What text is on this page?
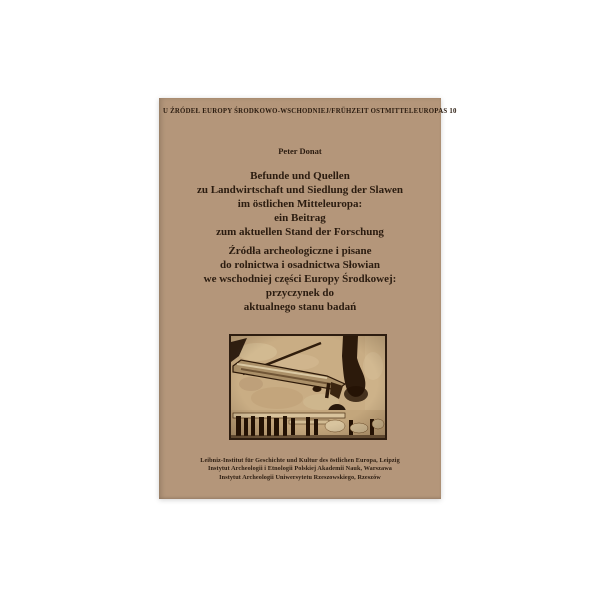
U ŹRÓDEŁ EUROPY ŚRODKOWO-WSCHODNIEJ/FRÜHZEIT OSTMITTELEUROPAS 10
Peter Donat
Befunde und Quellen
zu Landwirtschaft und Siedlung der Slawen
im östlichen Mitteleuropa:
ein Beitrag
zum aktuellen Stand der Forschung
Źródła archeologiczne i pisane
do rolnictwa i osadnictwa Słowian
we wschodniej części Europy Środkowej:
przyczynek do
aktualnego stanu badań
Leibniz-Institut für Geschichte und Kultur des östlichen Europa, Leipzig
Instytut Archeologii i Etnologii Polskiej Akademii Nauk, Warszawa
Instytut Archeologii Uniwersytetu Rzeszowskiego, Rzeszów
